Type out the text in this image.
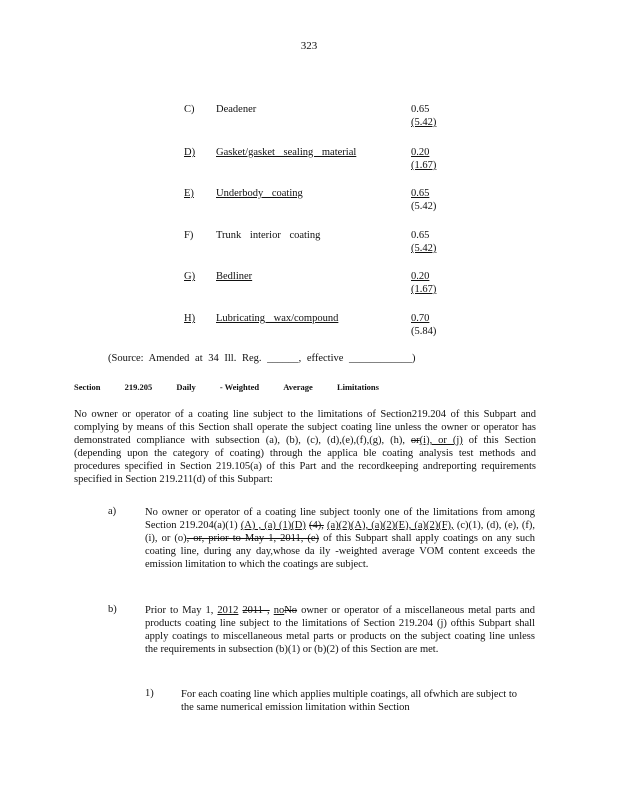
323
C) Deadener	0.65
(5.42)
D) Gasket/gasket sealing material	0.20
(1.67)
E) Underbody coating	0.65
(5.42)
F) Trunk interior coating	0.65
(5.42)
G) Bedliner	0.20
(1.67)
H) Lubricating wax/compound	0.70
(5.84)
(Source: Amended at 34 Ill. Reg. ______, effective ____________)
Section	219.205	Daily	- Weighted	Average	Limitations
No owner or operator of a coating line subject to the limitations of Section219.204 of this Subpart and complying by means of this Section shall operate the subject coating line unless the owner or operator has demonstrated compliance with subsection (a), (b), (c), (d),(e),(f),(g), (h), or(i), or (j) of this Section (depending upon the category of coating) through the applica ble coating analysis test methods and procedures specified in Section 219.105(a) of this Part and the recordkeeping andreporting requirements specified in Section 219.211(d) of this Subpart:
a)	No owner or operator of a coating line subject toonly one of the limitations from among Section 219.204(a)(1) (A) , (a) (1)(D) (4), (a)(2)(A), (a)(2)(E), (a)(2)(F), (c)(1), (d), (e), (f), (i), or (o), or, prior to May 1, 2011, (e) of this Subpart shall apply coatings on any such coating line, during any day,whose da ily -weighted average VOM content exceeds the emission limitation to which the coatings are subject.
b)	Prior to May 1, 2012 2011 , noNo owner or operator of a miscellaneous metal parts and products coating line subject to the limitations of Section 219.204 (j) ofthis Subpart shall apply coatings to miscellaneous metal parts or products on the subject coating line unless the requirements in subsection (b)(1) or (b)(2) of this Section are met.
1)	For each coating line which applies multiple coatings, all ofwhich are subject to the same numerical emission limitation within Section
